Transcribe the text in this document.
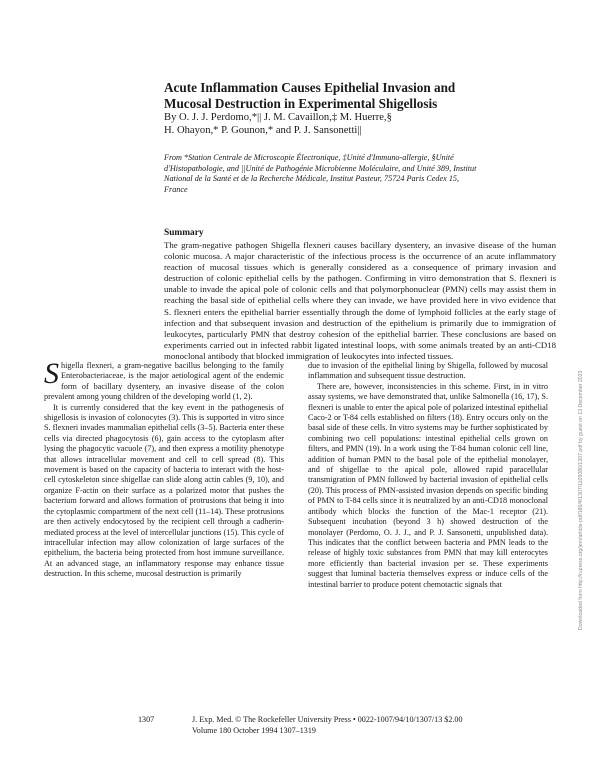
Acute Inflammation Causes Epithelial Invasion and
Mucosal Destruction in Experimental Shigellosis
By O. J. J. Perdomo,*|| J. M. Cavaillon,‡ M. Huerre,§
H. Ohayon,* P. Gounon,* and P. J. Sansonetti||
From *Station Centrale de Microscopie Électronique, ‡Unité d'Immuno-allergie, §Unité
d'Histopathologie, and ||Unité de Pathogénie Microbienne Moléculaire, and Unité 389, Institut
National de la Santé et de la Recherche Médicale, Institut Pasteur, 75724 Paris Cedex 15,
France
Summary

The gram-negative pathogen Shigella flexneri causes bacillary dysentery, an invasive disease of the human colonic mucosa. A major characteristic of the infectious process is the occurrence of an acute inflammatory reaction of mucosal tissues which is generally considered as a consequence of primary invasion and destruction of colonic epithelial cells by the pathogen. Confirming in vitro demonstration that S. flexneri is unable to invade the apical pole of colonic cells and that polymorphonuclear (PMN) cells may assist them in reaching the basal side of epithelial cells where they can invade, we have provided here in vivo evidence that S. flexneri enters the epithelial barrier essentially through the dome of lymphoid follicles at the early stage of infection and that subsequent invasion and destruction of the epithelium is primarily due to immigration of leukocytes, particularly PMN that destroy cohesion of the epithelial barrier. These conclusions are based on experiments carried out in infected rabbit ligated intestinal loops, with some animals treated by an anti-CD18 monoclonal antibody that blocked immigration of leukocytes into infected tissues.

Shigella flexneri, a gram-negative bacillus belonging to the family Enterobacteriaceae, is the major aetiological agent of the endemic form of bacillary dysentery, an invasive disease of the colon prevalent among young children of the developing world (1, 2).

It is currently considered that the key event in the pathogenesis of shigellosis is invasion of colonocytes (3). This is supported in vitro since S. flexneri invades mammalian epithelial cells (3–5). Bacteria enter these cells via directed phagocytosis (6), gain access to the cytoplasm after lysing the phagocytic vacuole (7), and then express a motility phenotype that allows intracellular movement and cell to cell spread (8). This movement is based on the capacity of bacteria to interact with the host-cell cytoskeleton since shigellae can slide along actin cables (9, 10), and organize F-actin on their surface as a polarized motor that pushes the bacterium forward and allows formation of protrusions that being it into the cytoplasmic compartment of the next cell (11–14). These protrusions are then actively endocytosed by the recipient cell through a cadherin-mediated process at the level of intercellular junctions (15). This cycle of intracellular infection may allow colonization of large surfaces of the epithelium, the bacteria being protected from host immune surveillance. At an advanced stage, an inflammatory response may enhance tissue destruction. In this scheme, mucosal destruction is primarily

due to invasion of the epithelial lining by Shigella, followed by mucosal inflammation and subsequent tissue destruction.

There are, however, inconsistencies in this scheme. First, in in vitro assay systems, we have demonstrated that, unlike Salmonella (16, 17), S. flexneri is unable to enter the apical pole of polarized intestinal epithelial Caco-2 or T-84 cells established on filters (18). Entry occurs only on the basal side of these cells. In vitro systems may be further sophisticated by combining two cell populations: intestinal epithelial cells grown on filters, and PMN (19). In a work using the T-84 human colonic cell line, addition of human PMN to the basal pole of the epithelial monolayer, and of shigellae to the apical pole, allowed rapid paracellular transmigration of PMN followed by bacterial invasion of epithelial cells (20). This process of PMN-assisted invasion depends on specific binding of PMN to T-84 cells since it is neutralized by an anti-CD18 monoclonal antibody which blocks the function of the Mac-1 receptor (21). Subsequent incubation (beyond 3 h) showed destruction of the monolayer (Perdomo, O. J. J., and P. J. Sansonetti, unpublished data). This indicates that the conflict between bacteria and PMN leads to the release of highly toxic substances from PMN that may kill enterocytes more efficiently than bacterial invasion per se. These experiments suggest that luminal bacteria themselves express or induce cells of the intestinal barrier to produce potent chemotactic signals that

1307	J. Exp. Med. © The Rockefeller University Press • 0022-1007/94/10/1307/13 $2.00
Volume 180 October 1994 1307–1319
Downloaded from http://rupress.org/jem/article-pdf/180/4/1307/1105080/1307.pdf by guest on 13 December 2023
